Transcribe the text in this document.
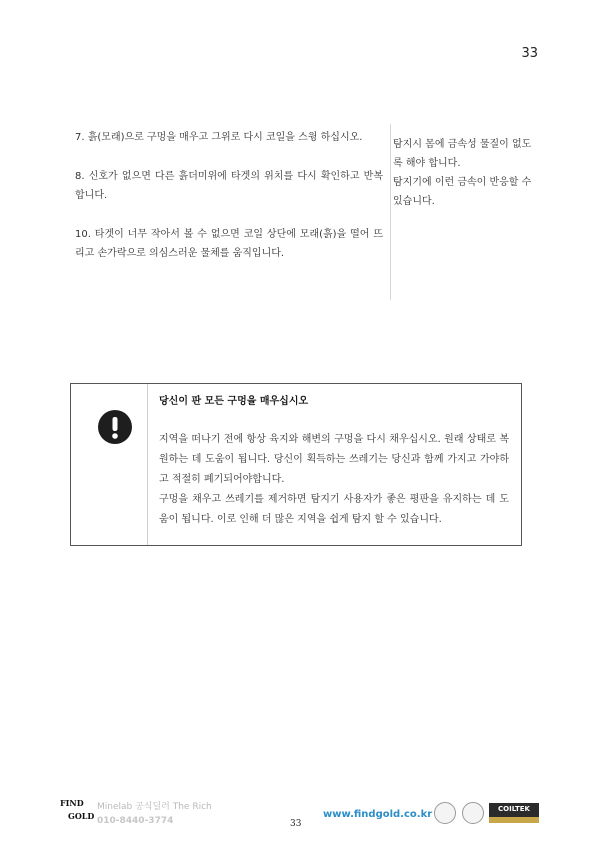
33

7. 흙(모래)으로 구멍을 매우고 그위로 다시 코일을 스윙 하십시오.

8. 신호가 없으면 다른 흙더미위에 타겟의 위치를 다시 확인하고 반복합니다.

10. 타겟이 너무 작아서 볼 수 없으면 코일 상단에 모래(흙)을 떨어 뜨리고 손가락으로 의심스러운 물체를 움직입니다.

탐지시 몸에 금속성 물질이 없도록 해야 합니다.

탐지기에 이런 금속이 반응할 수 있습니다.

당신이 판 모든 구멍을 매우십시오

지역을 떠나기 전에 항상 육지와 해변의 구멍을 다시 채우십시오. 원래 상태로 복원하는 데 도움이 됩니다. 당신이 획득하는 쓰레기는 당신과 함께 가지고 가야하고 적절히 폐기되어야합니다.

구멍을 채우고 쓰레기를 제거하면 탐지기 사용자가 좋은 평판을 유지하는 데 도움이 됩니다. 이로 인해 더 많은 지역을 쉽게 탐지 할 수 있습니다.

FIND
GOLD
Minelab 공식딜러 The Rich
010-8440-3774	33
www.findgold.co.kr	COILTEK
